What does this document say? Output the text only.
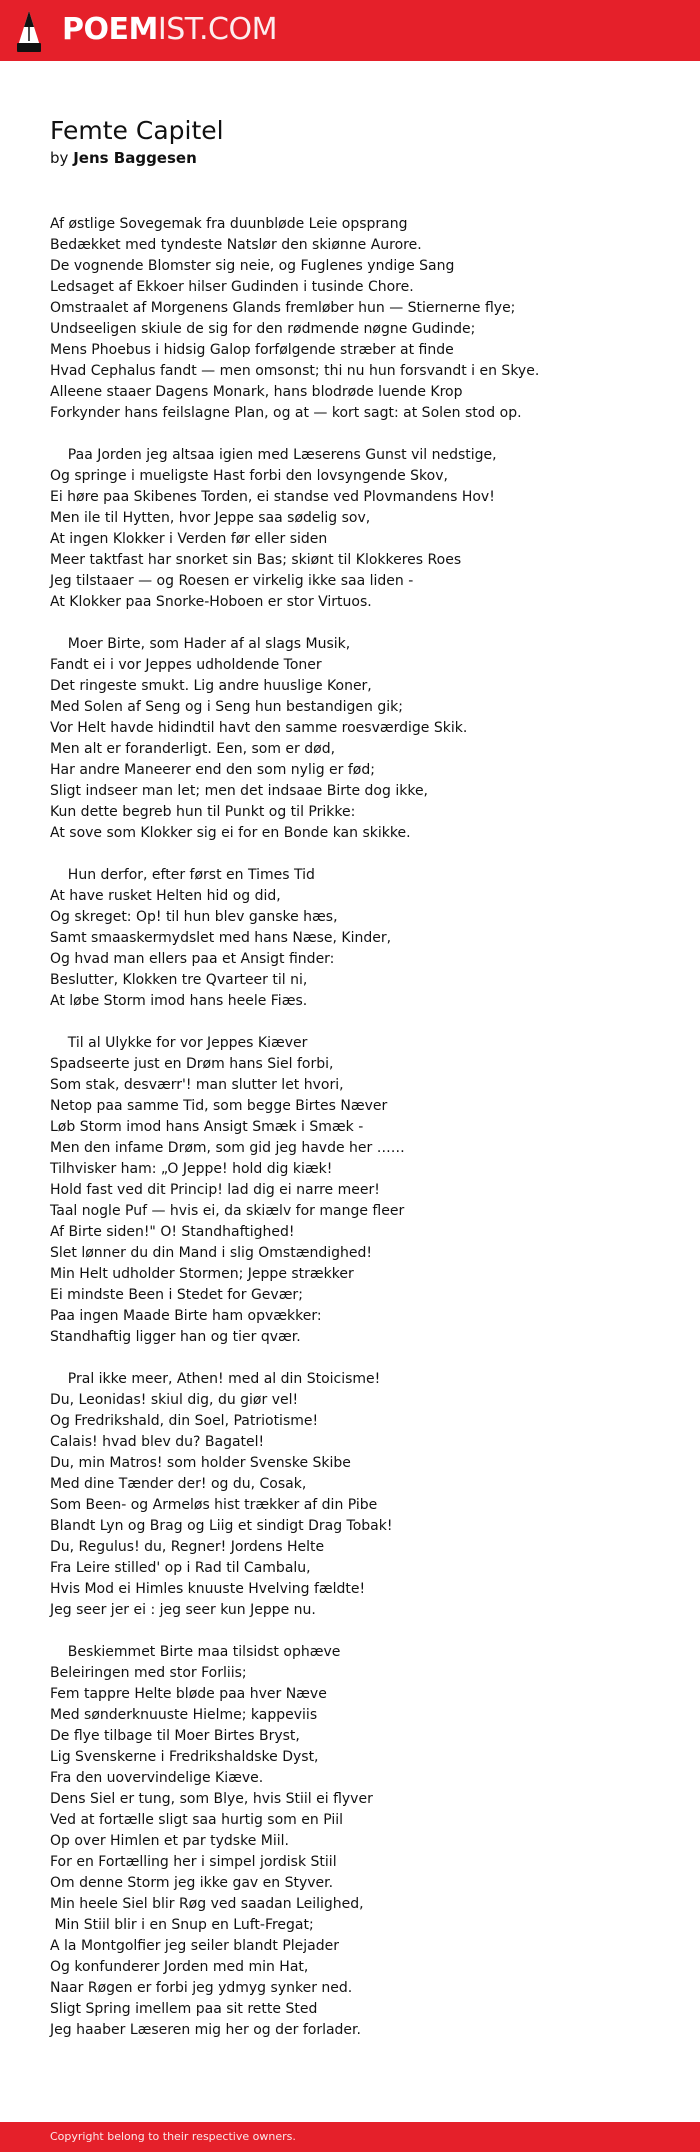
POEMIST.COM
Femte Capitel
by Jens Baggesen
Af østlige Sovegemak fra duunbløde Leie opsprang
Bedækket med tyndeste Natslør den skiønne Aurore.
De vognende Blomster sig neie, og Fuglenes yndige Sang
Ledsaget af Ekkoer hilser Gudinden i tusinde Chore.
Omstraalet af Morgenens Glands fremløber hun — Stiernerne flye;
Undseeligen skiule de sig for den rødmende nøgne Gudinde;
Mens Phoebus i hidsig Galop forfølgende stræber at finde
Hvad Cephalus fandt — men omsonst; thi nu hun forsvandt i en Skye.
Alleene staaer Dagens Monark, hans blodrøde luende Krop
Forkynder hans feilslagne Plan, og at — kort sagt: at Solen stod op.
Paa Jorden jeg altsaa igien med Læserens Gunst vil nedstige,
Og springe i mueligste Hast forbi den lovsyngende Skov,
Ei høre paa Skibenes Torden, ei standse ved Plovmandens Hov!
Men ile til Hytten, hvor Jeppe saa sødelig sov,
At ingen Klokker i Verden før eller siden
Meer taktfast har snorket sin Bas; skiønt til Klokkeres Roes
Jeg tilstaaer — og Roesen er virkelig ikke saa liden -
At Klokker paa Snorke-Hoboen er stor Virtuos.
Moer Birte, som Hader af al slags Musik,
Fandt ei i vor Jeppes udholdende Toner
Det ringeste smukt. Lig andre huuslige Koner,
Med Solen af Seng og i Seng hun bestandigen gik;
Vor Helt havde hidindtil havt den samme roesværdige Skik.
Men alt er foranderligt. Een, som er død,
Har andre Maneerer end den som nylig er fød;
Sligt indseer man let; men det indsaae Birte dog ikke,
Kun dette begreb hun til Punkt og til Prikke:
At sove som Klokker sig ei for en Bonde kan skikke.
Hun derfor, efter først en Times Tid
At have rusket Helten hid og did,
Og skreget: Op! til hun blev ganske hæs,
Samt smaaskermydslet med hans Næse, Kinder,
Og hvad man ellers paa et Ansigt finder:
Beslutter, Klokken tre Qvarteer til ni,
At løbe Storm imod hans heele Fiæs.
Til al Ulykke for vor Jeppes Kiæver
Spadseerte just en Drøm hans Siel forbi,
Som stak, desværr'! man slutter let hvori,
Netop paa samme Tid, som begge Birtes Næver
Løb Storm imod hans Ansigt Smæk i Smæk -
Men den infame Drøm, som gid jeg havde her ……
Tilhvisker ham: „O Jeppe! hold dig kiæk!
Hold fast ved dit Princip! lad dig ei narre meer!
Taal nogle Puf — hvis ei, da skiælv for mange fleer
Af Birte siden!" O! Standhaftighed!
Slet lønner du din Mand i slig Omstændighed!
Min Helt udholder Stormen; Jeppe strækker
Ei mindste Been i Stedet for Gevær;
Paa ingen Maade Birte ham opvækker:
Standhaftig ligger han og tier qvær.
Pral ikke meer, Athen! med al din Stoicisme!
Du, Leonidas! skiul dig, du giør vel!
Og Fredrikshald, din Soel, Patriotisme!
Calais! hvad blev du? Bagatel!
Du, min Matros! som holder Svenske Skibe
Med dine Tænder der! og du, Cosak,
Som Been- og Armeløs hist trækker af din Pibe
Blandt Lyn og Brag og Liig et sindigt Drag Tobak!
Du, Regulus! du, Regner! Jordens Helte
Fra Leire stilled' op i Rad til Cambalu,
Hvis Mod ei Himles knuuste Hvelving fældte!
Jeg seer jer ei : jeg seer kun Jeppe nu.
Beskiemmet Birte maa tilsidst ophæve
Beleiringen med stor Forliis;
Fem tappre Helte bløde paa hver Næve
Med sønderknuuste Hielme; kappeviis
De flye tilbage til Moer Birtes Bryst,
Lig Svenskerne i Fredrikshaldske Dyst,
Fra den uovervindelige Kiæve.
Dens Siel er tung, som Blye, hvis Stiil ei flyver
Ved at fortælle sligt saa hurtig som en Piil
Op over Himlen et par tydske Miil.
For en Fortælling her i simpel jordisk Stiil
Om denne Storm jeg ikke gav en Styver.
Min heele Siel blir Røg ved saadan Leilighed,
Min Stiil blir i en Snup en Luft-Fregat;
A la Montgolfier jeg seiler blandt Plejader
Og konfunderer Jorden med min Hat,
Naar Røgen er forbi jeg ydmyg synker ned.
Sligt Spring imellem paa sit rette Sted
Jeg haaber Læseren mig her og der forlader.
Copyright belong to their respective owners.
